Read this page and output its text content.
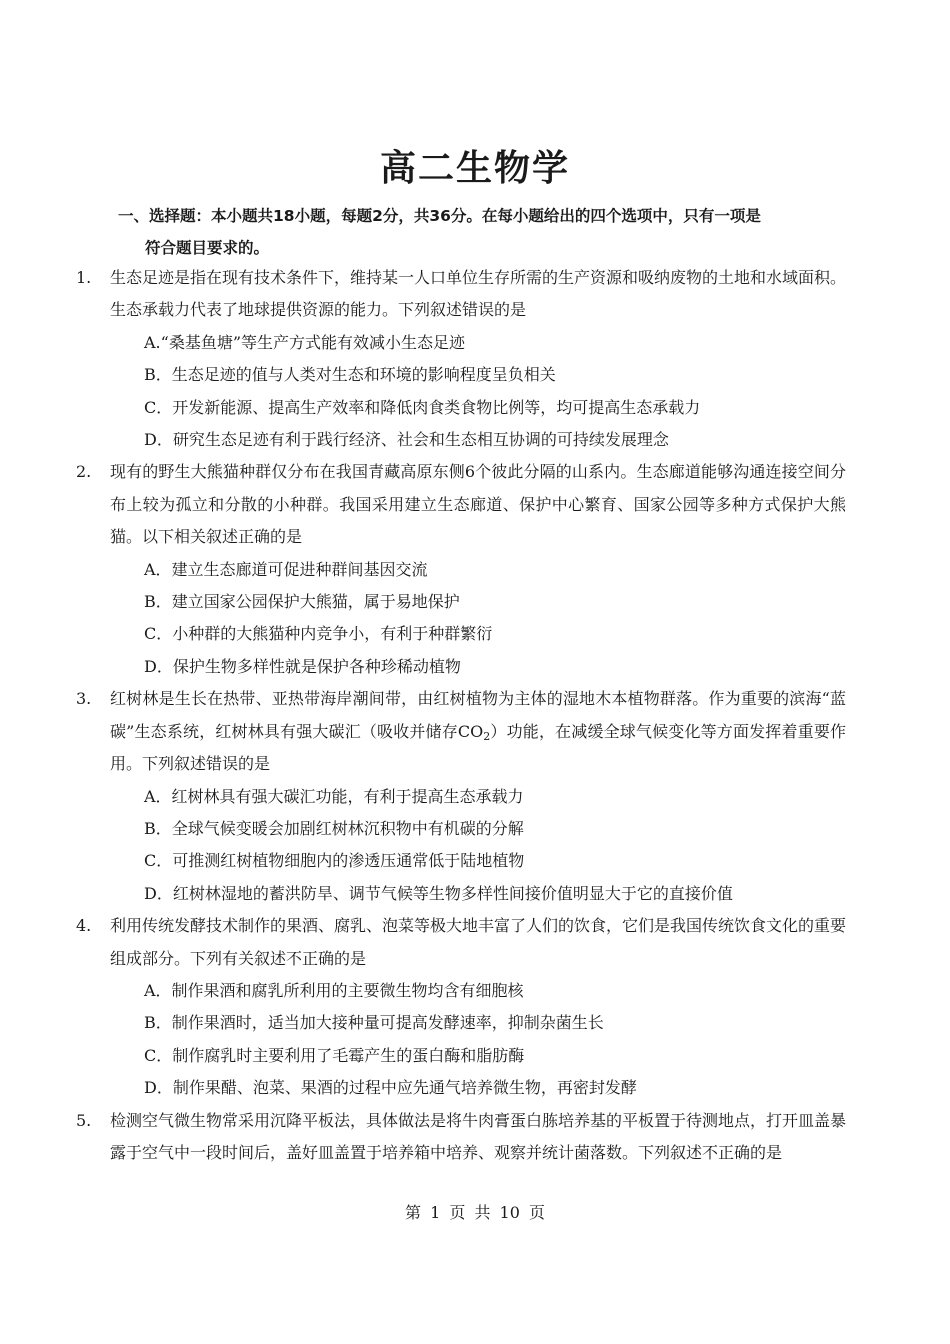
高二生物学
一、选择题：本小题共18小题，每题2分，共36分。在每小题给出的四个选项中，只有一项是
符合题目要求的。
1.	生态足迹是指在现有技术条件下，维持某一人口单位生存所需的生产资源和吸纳废物的土地和水域面积。生态承载力代表了地球提供资源的能力。下列叙述错误的是
A.“桑基鱼塘”等生产方式能有效减小生态足迹
B．生态足迹的值与人类对生态和环境的影响程度呈负相关
C．开发新能源、提高生产效率和降低肉食类食物比例等，均可提高生态承载力
D．研究生态足迹有利于践行经济、社会和生态相互协调的可持续发展理念
2.	现有的野生大熊猫种群仅分布在我国青藏高原东侧6个彼此分隔的山系内。生态廊道能够沟通连接空间分布上较为孤立和分散的小种群。我国采用建立生态廊道、保护中心繁育、国家公园等多种方式保护大熊猫。以下相关叙述正确的是
A．建立生态廊道可促进种群间基因交流
B．建立国家公园保护大熊猫，属于易地保护
C．小种群的大熊猫种内竞争小，有利于种群繁衍
D．保护生物多样性就是保护各种珍稀动植物
3.	红树林是生长在热带、亚热带海岸潮间带，由红树植物为主体的湿地木本植物群落。作为重要的滨海“蓝碳”生态系统，红树林具有强大碳汇（吸收并储存$CO_2$）功能，在减缓全球气候变化等方面发挥着重要作用。下列叙述错误的是
A．红树林具有强大碳汇功能，有利于提高生态承载力
B．全球气候变暖会加剧红树林沉积物中有机碳的分解
C．可推测红树植物细胞内的渗透压通常低于陆地植物
D．红树林湿地的蓄洪防旱、调节气候等生物多样性间接价值明显大于它的直接价值
4.	利用传统发酵技术制作的果酒、腐乳、泡菜等极大地丰富了人们的饮食，它们是我国传统饮食文化的重要组成部分。下列有关叙述不正确的是
A．制作果酒和腐乳所利用的主要微生物均含有细胞核
B．制作果酒时，适当加大接种量可提高发酵速率，抑制杂菌生长
C．制作腐乳时主要利用了毛霉产生的蛋白酶和脂肪酶
D．制作果醋、泡菜、果酒的过程中应先通气培养微生物，再密封发酵
5.	检测空气微生物常采用沉降平板法，具体做法是将牛肉膏蛋白胨培养基的平板置于待测地点，打开皿盖暴露于空气中一段时间后，盖好皿盖置于培养箱中培养、观察并统计菌落数。下列叙述不正确的是
第 1 页 共 10 页
